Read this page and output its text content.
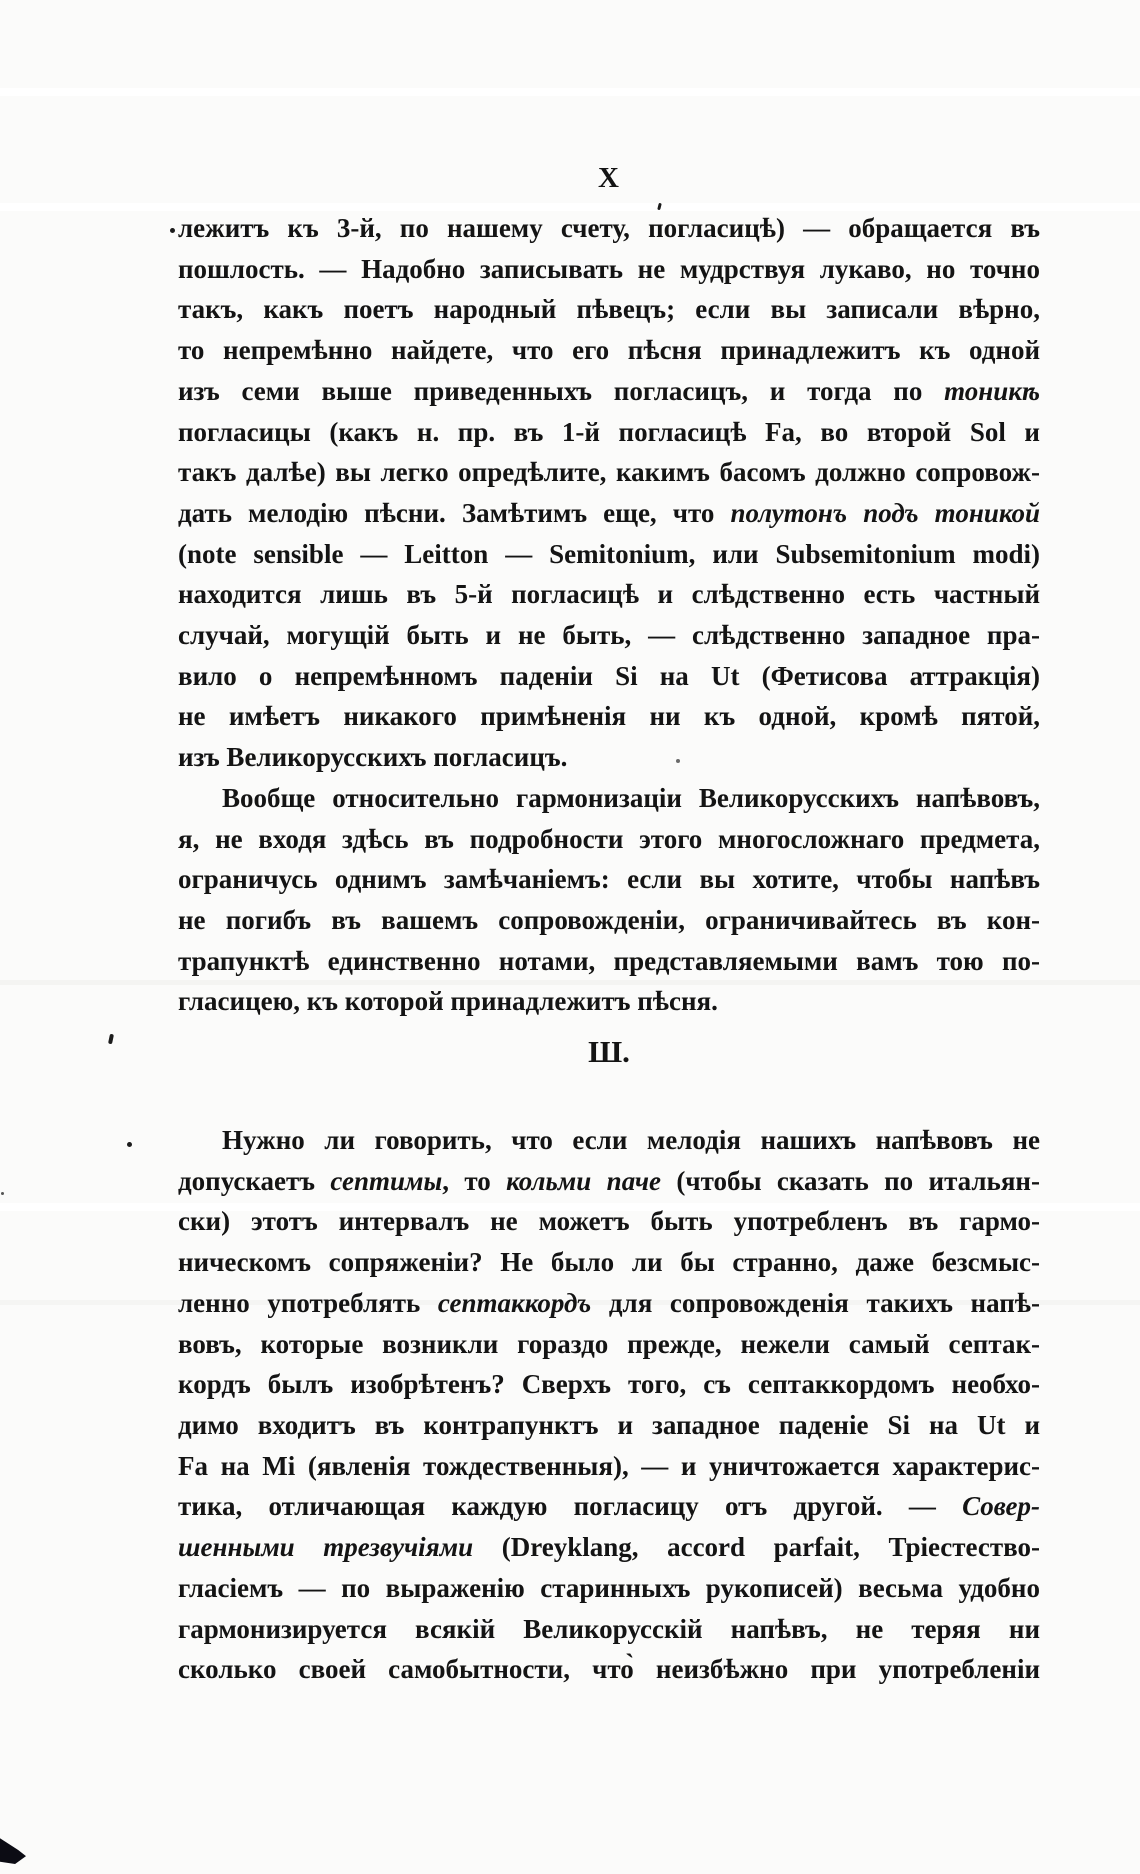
X
лежитъ къ 3-й, по нашему счету, погласицѣ) — обращается въ
пошлость. — Надобно записывать не мудрствуя лукаво, но точно
такъ, какъ поетъ народный пѣвецъ; если вы записали вѣрно,
то непремѣнно найдете, что его пѣсня принадлежитъ къ одной
изъ семи выше приведенныхъ погласицъ, и тогда по тоникѣ
погласицы (какъ н. пр. въ 1-й погласицѣ Fa, во второй Sol и
такъ далѣе) вы легко опредѣлите, какимъ басомъ должно сопровож-
дать мелодію пѣсни. Замѣтимъ еще, что полутонъ подъ тоникой
(note sensible — Leitton — Semitonium, или Subsemitonium modi)
находится лишь въ 5-й погласицѣ и слѣдственно есть частный
случай, могущій быть и не быть, — слѣдственно западное пра-
вило о непремѣнномъ паденіи Si на Ut (Фетисова аттракція)
не имѣетъ никакого примѣненія ни къ одной, кромѣ пятой,
изъ Великорусскихъ погласицъ.
Вообще относительно гармонизаціи Великорусскихъ напѣвовъ,
я, не входя здѣсь въ подробности этого многосложнаго предмета,
ограничусь однимъ замѣчаніемъ: если вы хотите, чтобы напѣвъ
не погибъ въ вашемъ сопровожденіи, ограничивайтесь въ кон-
трапунктѣ единственно нотами, представляемыми вамъ тою по-
гласицею, къ которой принадлежитъ пѣсня.
Ш.
Нужно ли говорить, что если мелодія нашихъ напѣвовъ не
допускаетъ септимы, то кольми паче (чтобы сказать по итальян-
ски) этотъ интервалъ не можетъ быть употребленъ въ гармо-
ническомъ сопряженіи? Не было ли бы странно, даже безсмыс-
ленно употреблять септаккордъ для сопровожденія такихъ напѣ-
вовъ, которые возникли гораздо прежде, нежели самый септак-
кордъ былъ изобрѣтенъ? Сверхъ того, съ септаккордомъ необхо-
димо входитъ въ контрапунктъ и западное паденіе Si на Ut и
Fa на Mi (явленія тождественныя), — и уничтожается характерис-
тика, отличающая каждую погласицу отъ другой. — Совер-
шенными трезвучіями (Dreyklang, accord parfait, Тріестество-
гласіемъ — по выраженію старинныхъ рукописей) весьма удобно
гармонизируется всякій Великорусскій напѣвъ, не теряя ни
сколько своей самобытности, что̀ неизбѣжно при употребленіи
